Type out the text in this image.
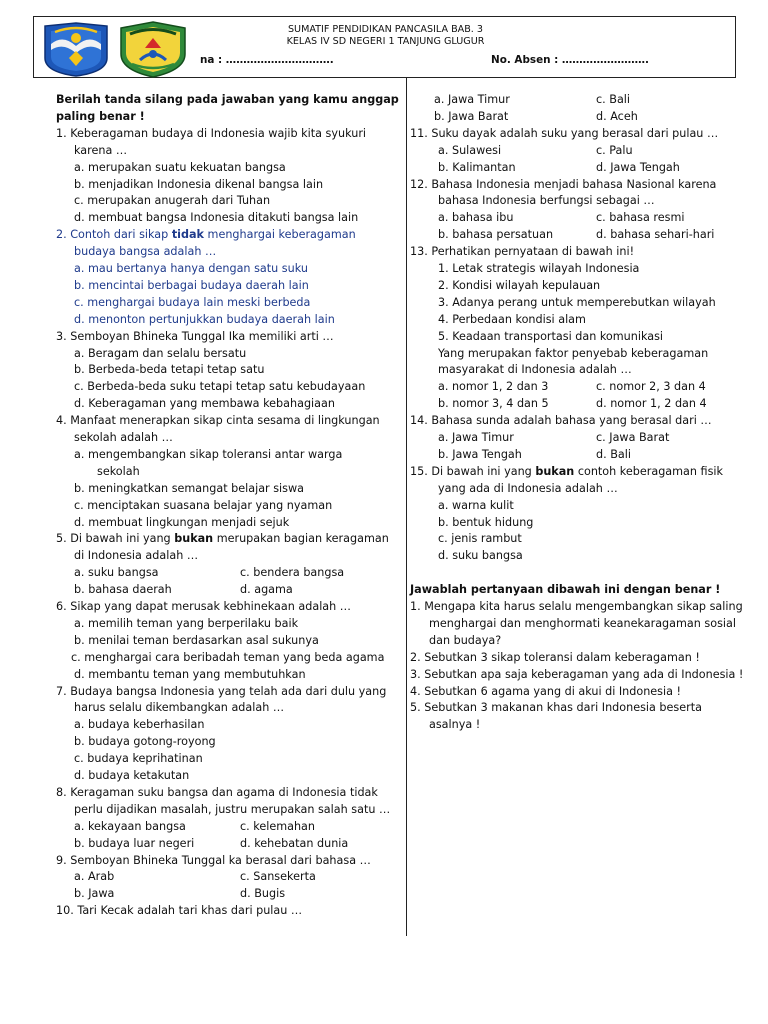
SUMATIF PENDIDIKAN PANCASILA BAB. 3
KELAS IV SD NEGERI 1 TANJUNG GLUGUR
na : ………………………….	No. Absen : …………………….
Berilah tanda silang pada jawaban yang kamu anggap
paling benar !
1. Keberagaman budaya di Indonesia wajib kita syukuri
karena …
a. merupakan suatu kekuatan bangsa
b. menjadikan Indonesia dikenal bangsa lain
c. merupakan anugerah dari Tuhan
d. membuat bangsa Indonesia ditakuti bangsa lain
2. Contoh dari sikap tidak menghargai keberagaman
budaya bangsa adalah …
a. mau bertanya hanya dengan satu suku
b. mencintai berbagai budaya daerah lain
c. menghargai budaya lain meski berbeda
d. menonton pertunjukkan budaya daerah lain
3. Semboyan Bhineka Tunggal Ika memiliki arti …
a. Beragam dan selalu bersatu
b. Berbeda-beda tetapi tetap satu
c. Berbeda-beda suku tetapi tetap satu kebudayaan
d. Keberagaman yang membawa kebahagiaan
4. Manfaat menerapkan sikap cinta sesama di lingkungan
sekolah adalah …
a. mengembangkan sikap toleransi antar warga
sekolah
b. meningkatkan semangat belajar siswa
c. menciptakan suasana belajar yang nyaman
d. membuat lingkungan menjadi sejuk
5. Di bawah ini yang bukan merupakan bagian keragaman
di Indonesia adalah …
a. suku bangsa	c. bendera bangsa
b. bahasa daerah	d. agama
6. Sikap yang dapat merusak kebhinekaan adalah …
a. memilih teman yang berperilaku baik
b. menilai teman berdasarkan asal sukunya
c. menghargai cara beribadah teman yang beda agama
d. membantu teman yang membutuhkan
7. Budaya bangsa Indonesia yang telah ada dari dulu yang
harus selalu dikembangkan adalah …
a. budaya keberhasilan
b. budaya gotong-royong
c. budaya keprihatinan
d. budaya ketakutan
8. Keragaman suku bangsa dan agama di Indonesia tidak
perlu dijadikan masalah, justru merupakan salah satu …
a. kekayaan bangsa	c. kelemahan
b. budaya luar negeri	d. kehebatan dunia
9. Semboyan Bhineka Tunggal ka berasal dari bahasa …
a. Arab	c. Sansekerta
b. Jawa	d. Bugis
10. Tari Kecak adalah tari khas dari pulau …
a. Jawa Timur	c. Bali
b. Jawa Barat	d. Aceh
11. Suku dayak adalah suku yang berasal dari pulau …
a. Sulawesi	c. Palu
b. Kalimantan	d. Jawa Tengah
12. Bahasa Indonesia menjadi bahasa Nasional karena
bahasa Indonesia berfungsi sebagai …
a. bahasa ibu	c. bahasa resmi
b. bahasa persatuan	d. bahasa sehari-hari
13. Perhatikan pernyataan di bawah ini!
1. Letak strategis wilayah Indonesia
2. Kondisi wilayah kepulauan
3. Adanya perang untuk memperebutkan wilayah
4. Perbedaan kondisi alam
5. Keadaan transportasi dan komunikasi
Yang merupakan faktor penyebab keberagaman
masyarakat di Indonesia adalah …
a. nomor 1, 2 dan 3	c. nomor 2, 3 dan 4
b. nomor 3, 4 dan 5	d. nomor 1, 2 dan 4
14. Bahasa sunda adalah bahasa yang berasal dari …
a. Jawa Timur	c. Jawa Barat
b. Jawa Tengah	d. Bali
15. Di bawah ini yang bukan contoh keberagaman fisik
yang ada di Indonesia adalah …
a. warna kulit
b. bentuk hidung
c. jenis rambut
d. suku bangsa
Jawablah pertanyaan dibawah ini dengan benar !
1. Mengapa kita harus selalu mengembangkan sikap saling
menghargai dan menghormati keanekaragaman sosial
dan budaya?
2. Sebutkan 3 sikap toleransi dalam keberagaman !
3. Sebutkan apa saja keberagaman yang ada di Indonesia !
4. Sebutkan 6 agama yang di akui di Indonesia !
5. Sebutkan 3 makanan khas dari Indonesia beserta
asalnya !
